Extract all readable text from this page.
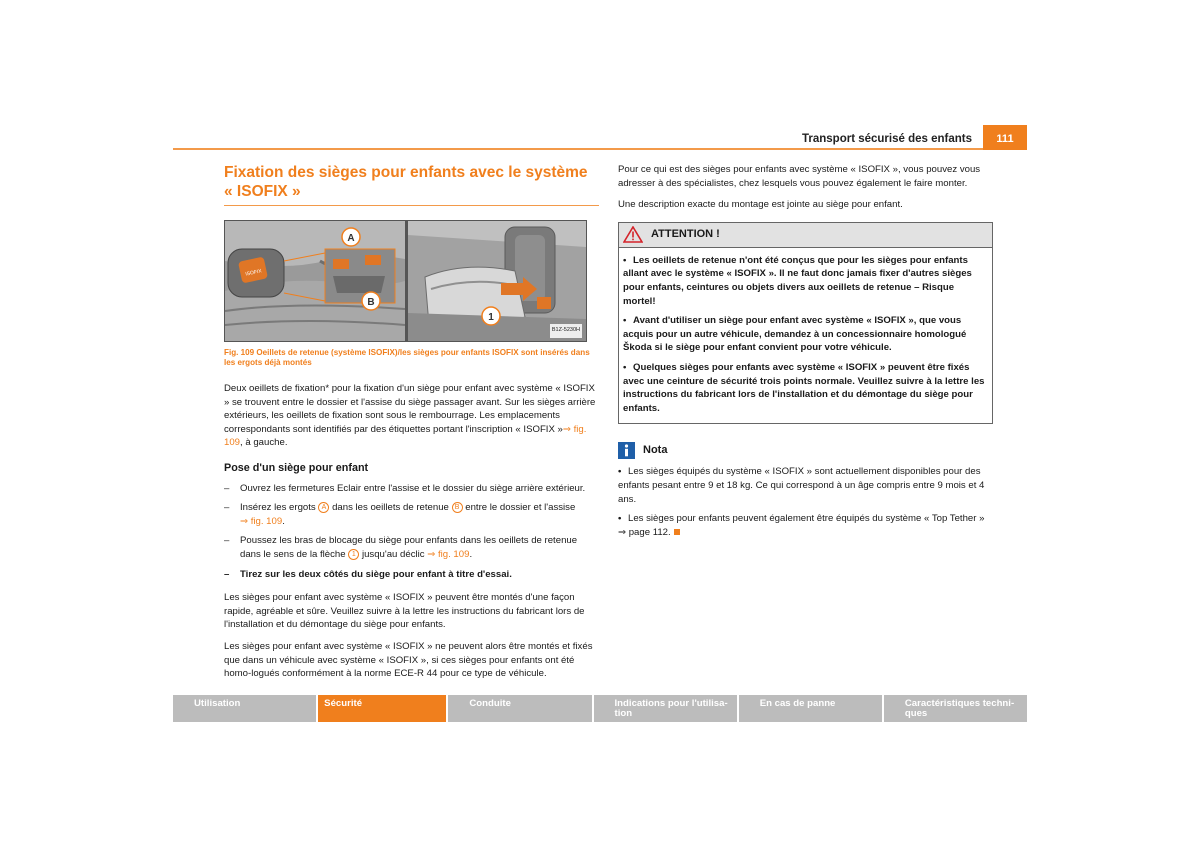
Transport sécurisé des enfants	111
Fixation des sièges pour enfants avec le système « ISOFIX »
ISOFIX
A
B
1
B1Z-5230H
Fig. 109 Oeillets de retenue (système ISOFIX)/les sièges pour enfants ISOFIX sont insérés dans les ergots déjà montés

Deux oeillets de fixation* pour la fixation d'un siège pour enfant avec système « ISOFIX » se trouvent entre le dossier et l'assise du siège passager avant. Sur les sièges arrière extérieurs, les oeillets de fixation sont sous le rembourrage. Les emplacements correspondants sont identifiés par des étiquettes portant l'inscription « ISOFIX »⇒ fig. 109, à gauche.

Pose d'un siège pour enfant
– Ouvrez les fermetures Eclair entre l'assise et le dossier du siège arrière extérieur.
– Insérez les ergots A dans les oeillets de retenue B entre le dossier et l'assise
⇒ fig. 109.
– Poussez les bras de blocage du siège pour enfants dans les oeillets de retenue dans le sens de la flèche 1 jusqu'au déclic ⇒ fig. 109.
– Tirez sur les deux côtés du siège pour enfant à titre d'essai.

Les sièges pour enfant avec système « ISOFIX » peuvent être montés d'une façon rapide, agréable et sûre. Veuillez suivre à la lettre les instructions du fabricant lors de l'installation et du démontage du siège pour enfants.

Les sièges pour enfant avec système « ISOFIX » ne peuvent alors être montés et fixés que dans un véhicule avec système « ISOFIX », si ces sièges pour enfants ont été homo-logués conformément à la norme ECE-R 44 pour ce type de véhicule.

Pour ce qui est des sièges pour enfants avec système « ISOFIX », vous pouvez vous adresser à des spécialistes, chez lesquels vous pouvez également le faire monter.

Une description exacte du montage est jointe au siège pour enfant.

ATTENTION !

• Les oeillets de retenue n'ont été conçus que pour les sièges pour enfants allant avec le système « ISOFIX ». Il ne faut donc jamais fixer d'autres sièges pour enfants, ceintures ou objets divers aux oeillets de retenue – Risque mortel!

• Avant d'utiliser un siège pour enfant avec système « ISOFIX », que vous acquis pour un autre véhicule, demandez à un concessionnaire homologué Škoda si le siège pour enfant convient pour votre véhicule.

• Quelques sièges pour enfants avec système « ISOFIX » peuvent être fixés avec une ceinture de sécurité trois points normale. Veuillez suivre à la lettre les instructions du fabricant lors de l'installation et du démontage du siège pour enfants.

Nota

• Les sièges équipés du système « ISOFIX » sont actuellement disponibles pour des enfants pesant entre 9 et 18 kg. Ce qui correspond à un âge compris entre 9 mois et 4 ans.

• Les sièges pour enfants peuvent également être équipés du système « Top Tether » ⇒ page 112.

Utilisation	Sécurité	Conduite	Indications pour l'utilisa-
tion
En cas de panne	Caractéristiques techni-
ques
